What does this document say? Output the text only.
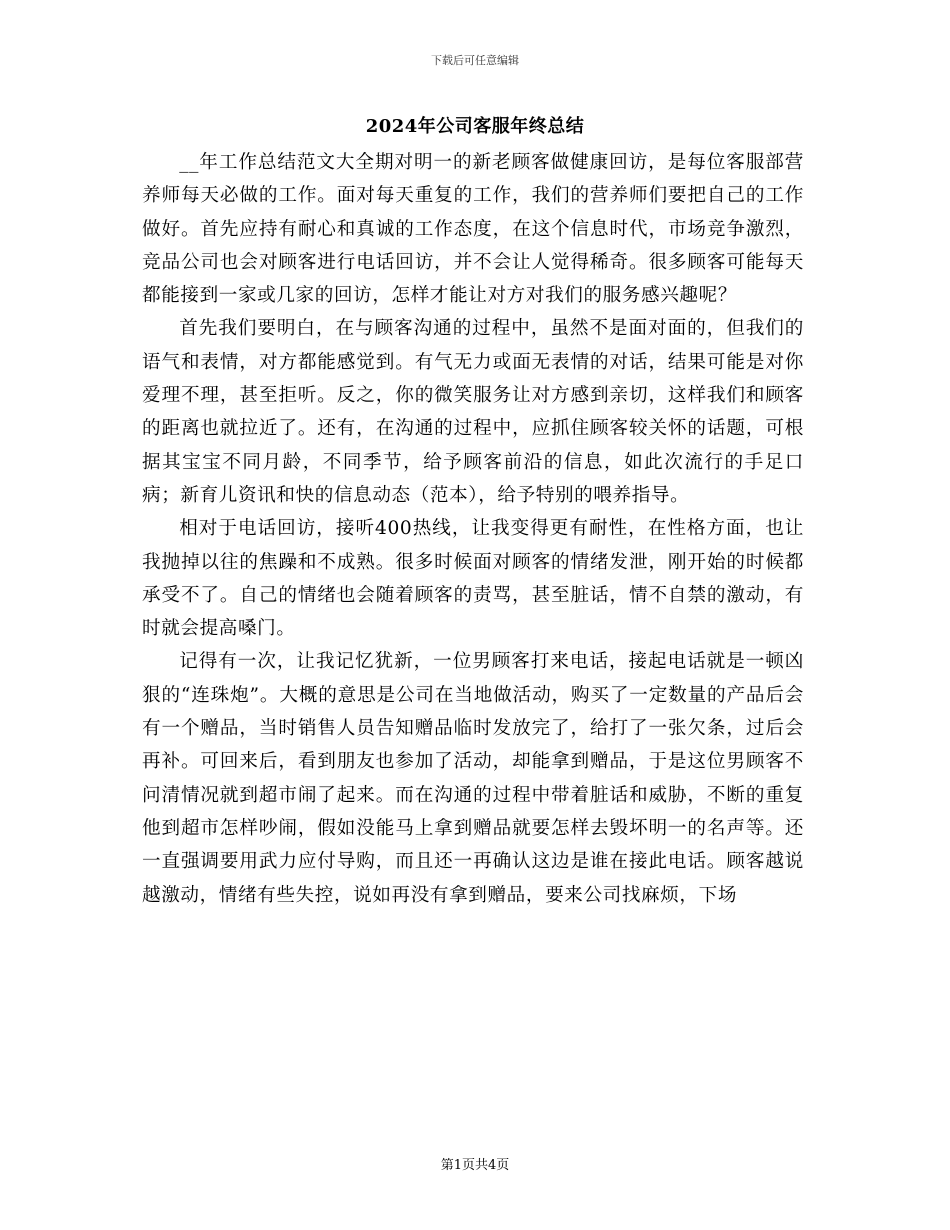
下载后可任意编辑
2024年公司客服年终总结

__年工作总结范文大全期对明一的新老顾客做健康回访，是每位客服部营养师每天必做的工作。面对每天重复的工作，我们的营养师们要把自己的工作做好。首先应持有耐心和真诚的工作态度，在这个信息时代，市场竞争激烈，竞品公司也会对顾客进行电话回访，并不会让人觉得稀奇。很多顾客可能每天都能接到一家或几家的回访，怎样才能让对方对我们的服务感兴趣呢？

首先我们要明白，在与顾客沟通的过程中，虽然不是面对面的，但我们的语气和表情，对方都能感觉到。有气无力或面无表情的对话，结果可能是对你爱理不理，甚至拒听。反之，你的微笑服务让对方感到亲切，这样我们和顾客的距离也就拉近了。还有，在沟通的过程中，应抓住顾客较关怀的话题，可根据其宝宝不同月龄，不同季节，给予顾客前沿的信息，如此次流行的手足口病；新育儿资讯和快的信息动态（范本），给予特别的喂养指导。

相对于电话回访，接听400热线，让我变得更有耐性，在性格方面，也让我抛掉以往的焦躁和不成熟。很多时候面对顾客的情绪发泄，刚开始的时候都承受不了。自己的情绪也会随着顾客的责骂，甚至脏话，情不自禁的激动，有时就会提高嗓门。

记得有一次，让我记忆犹新，一位男顾客打来电话，接起电话就是一顿凶狠的“连珠炮”。大概的意思是公司在当地做活动，购买了一定数量的产品后会有一个赠品，当时销售人员告知赠品临时发放完了，给打了一张欠条，过后会再补。可回来后，看到朋友也参加了活动，却能拿到赠品，于是这位男顾客不问清情况就到超市闹了起来。而在沟通的过程中带着脏话和威胁，不断的重复他到超市怎样吵闹，假如没能马上拿到赠品就要怎样去毁坏明一的名声等。还一直强调要用武力应付导购，而且还一再确认这边是谁在接此电话。顾客越说越激动，情绪有些失控，说如再没有拿到赠品，要来公司找麻烦，下场

第1页共4页
